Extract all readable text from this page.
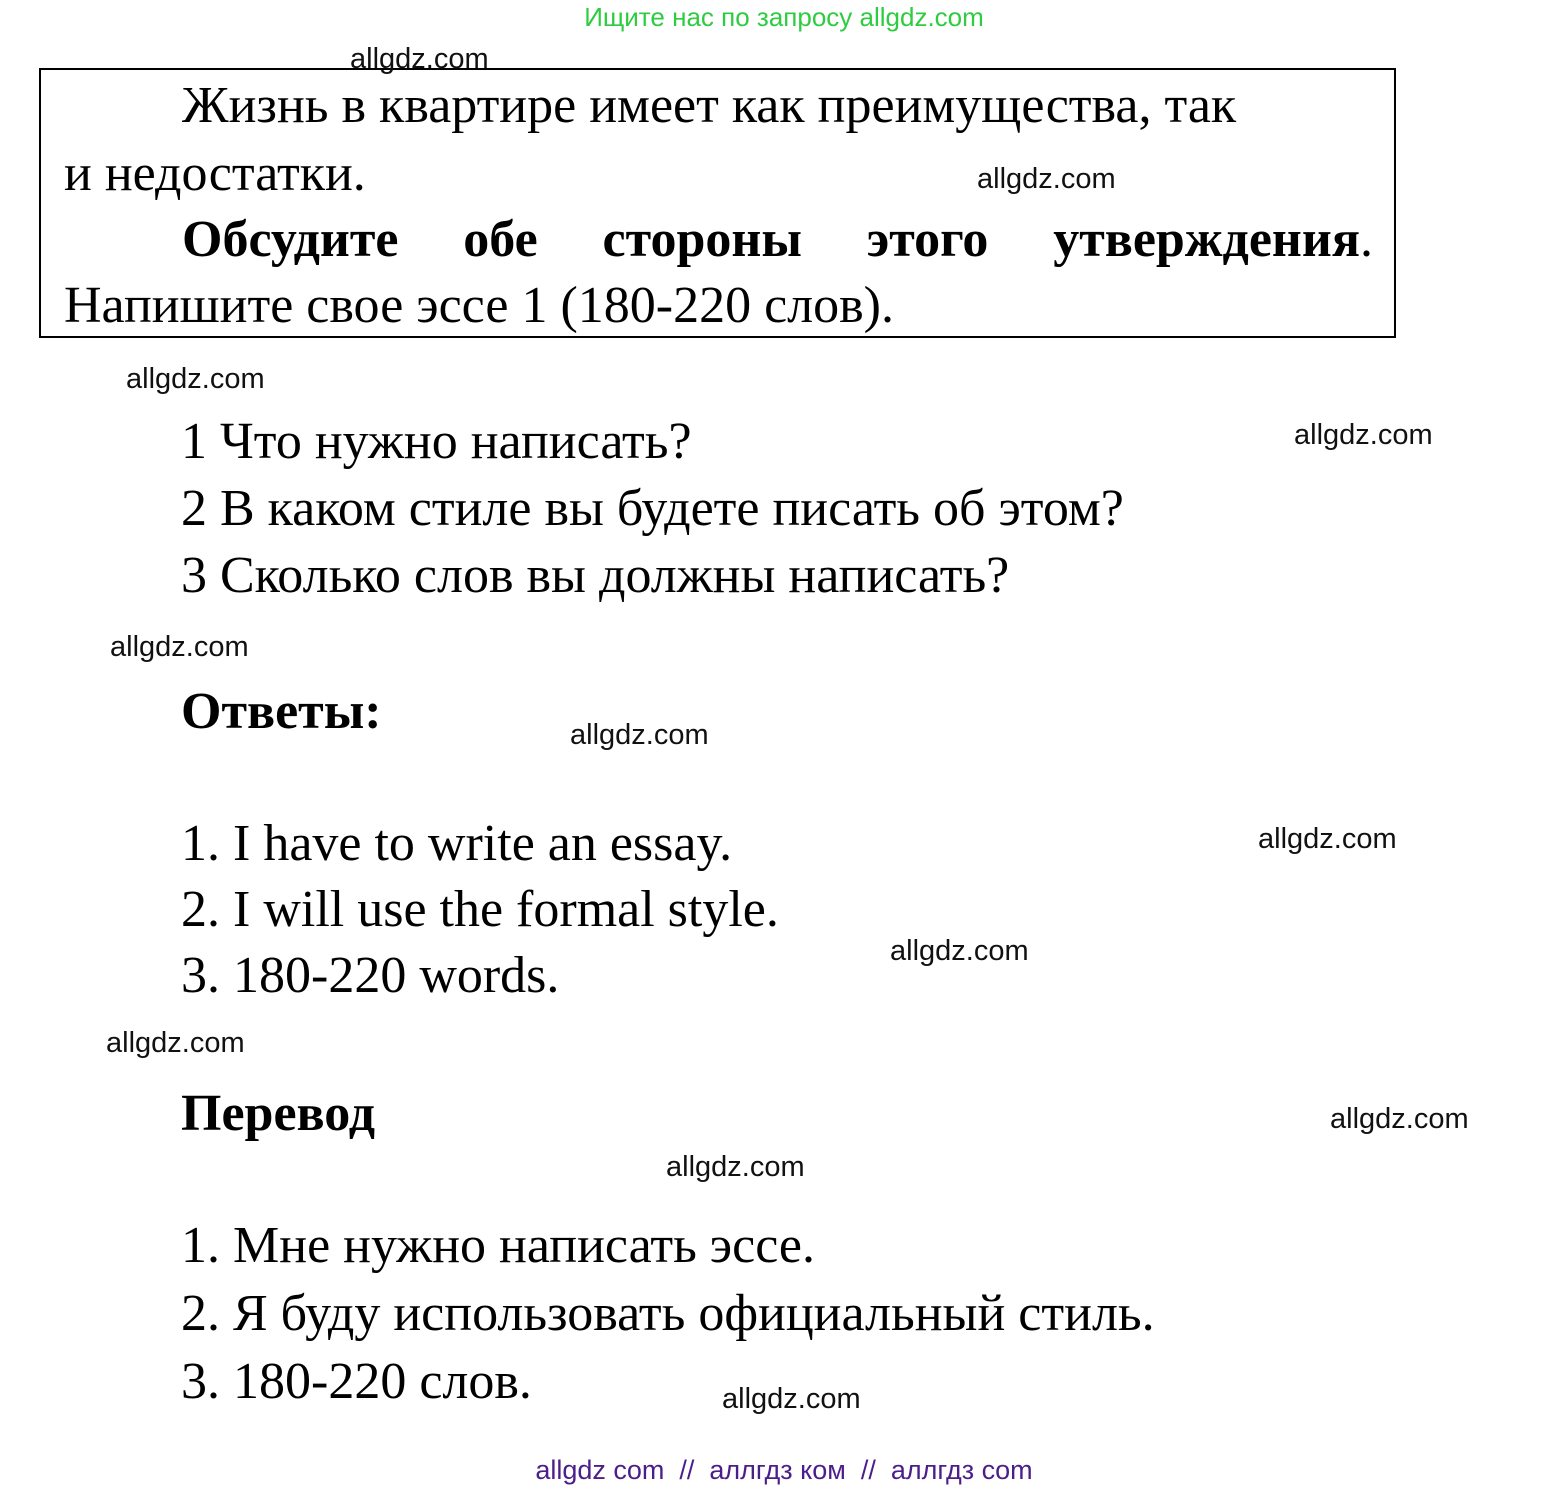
Ищите нас по запросу allgdz.com
Жизнь в квартире имеет как преимущества, так
и недостатки.
Обсудите обе стороны этого утверждения.
Напишите свое эссе 1 (180-220 слов).
1 Что нужно написать?
2 В каком стиле вы будете писать об этом?
3 Сколько слов вы должны написать?
Ответы:
1. I have to write an essay.
2. I will use the formal style.
3. 180-220 words.
Перевод
1. Мне нужно написать эссе.
2. Я буду использовать официальный стиль.
3. 180-220 слов.
allgdz.com
allgdz.com
allgdz.com
allgdz.com
allgdz.com
allgdz.com
allgdz.com
allgdz.com
allgdz.com
allgdz.com
allgdz.com
allgdz.com
allgdz com  //  аллгдз ком  //  аллгдз com
